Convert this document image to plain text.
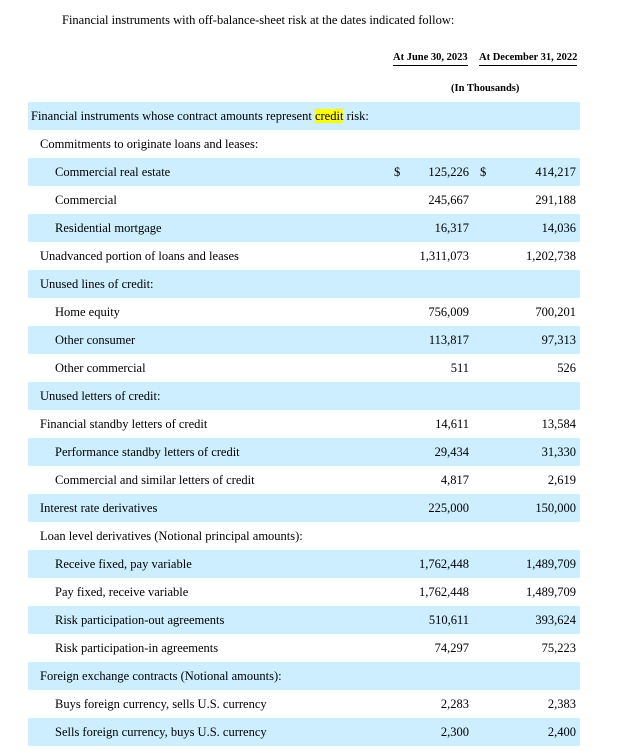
Financial instruments with off-balance-sheet risk at the dates indicated follow:
At June 30, 2023 At December 31, 2022
(In Thousands)
Financial instruments whose contract amounts represent credit risk:
Commitments to originate loans and leases:
Commercial real estate	$ 125,226 $	414,217
Commercial	245,667	291,188
Residential mortgage	16,317	14,036
Unadvanced portion of loans and leases	1,311,073	1,202,738
Unused lines of credit:
Home equity	756,009	700,201
Other consumer	113,817	97,313
Other commercial	511	526
Unused letters of credit:
Financial standby letters of credit	14,611	13,584
Performance standby letters of credit	29,434	31,330
Commercial and similar letters of credit	4,817	2,619
Interest rate derivatives	225,000	150,000
Loan level derivatives (Notional principal amounts):
Receive fixed, pay variable	1,762,448	1,489,709
Pay fixed, receive variable	1,762,448	1,489,709
Risk participation-out agreements	510,611	393,624
Risk participation-in agreements	74,297	75,223
Foreign exchange contracts (Notional amounts):
Buys foreign currency, sells U.S. currency	2,283	2,383
Sells foreign currency, buys U.S. currency	2,300	2,400
